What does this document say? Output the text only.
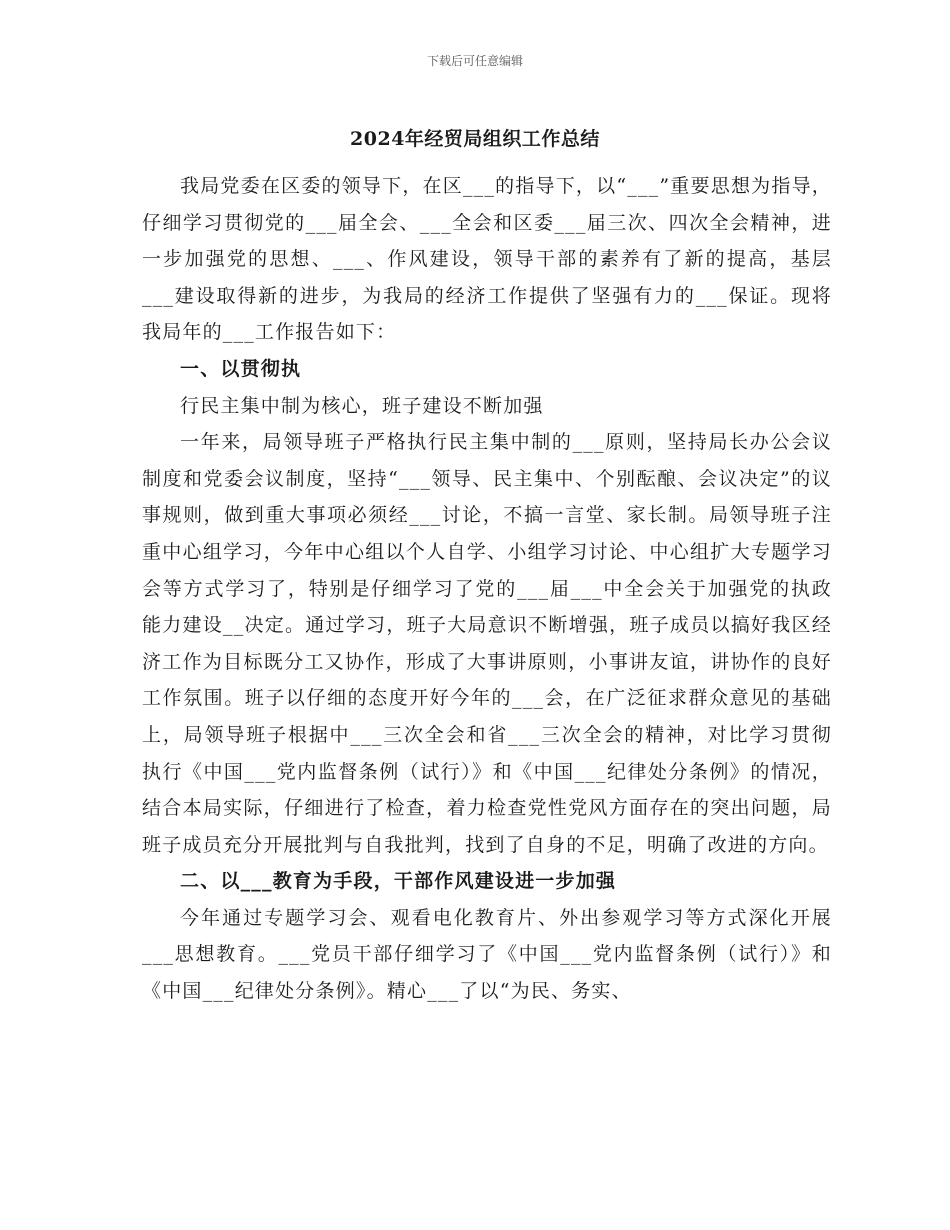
下载后可任意编辑
2024年经贸局组织工作总结

我局党委在区委的领导下，在区___的指导下，以“___”重要思想为指导，仔细学习贯彻党的___届全会、___全会和区委___届三次、四次全会精神，进一步加强党的思想、___、作风建设，领导干部的素养有了新的提高，基层___建设取得新的进步，为我局的经济工作提供了坚强有力的___保证。现将我局年的___工作报告如下：

一、以贯彻执

行民主集中制为核心，班子建设不断加强

一年来，局领导班子严格执行民主集中制的___原则，坚持局长办公会议制度和党委会议制度，坚持“___领导、民主集中、个别酝酿、会议决定”的议事规则，做到重大事项必须经___讨论，不搞一言堂、家长制。局领导班子注重中心组学习，今年中心组以个人自学、小组学习讨论、中心组扩大专题学习会等方式学习了，特别是仔细学习了党的___届___中全会关于加强党的执政能力建设__决定。通过学习，班子大局意识不断增强，班子成员以搞好我区经济工作为目标既分工又协作，形成了大事讲原则，小事讲友谊，讲协作的良好工作氛围。班子以仔细的态度开好今年的___会，在广泛征求群众意见的基础上，局领导班子根据中___三次全会和省___三次全会的精神，对比学习贯彻执行《中国___党内监督条例（试行）》和《中国___纪律处分条例》的情况，结合本局实际，仔细进行了检查，着力检查党性党风方面存在的突出问题，局班子成员充分开展批判与自我批判，找到了自身的不足，明确了改进的方向。

二、以___教育为手段，干部作风建设进一步加强

今年通过专题学习会、观看电化教育片、外出参观学习等方式深化开展___思想教育。___党员干部仔细学习了《中国___党内监督条例（试行）》和《中国___纪律处分条例》。精心___了以“为民、务实、
